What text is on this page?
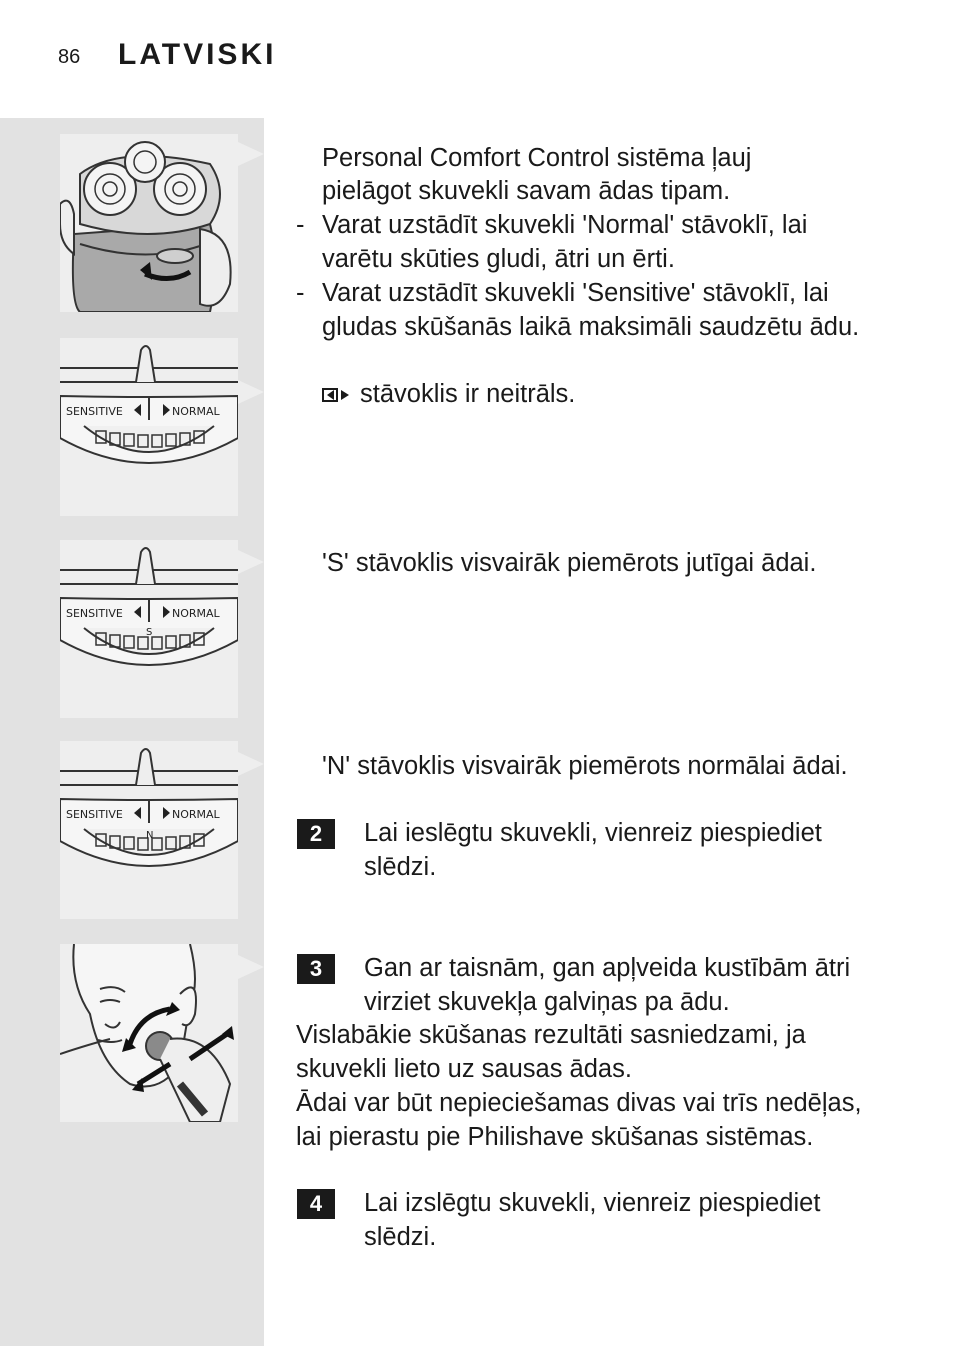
86 LATVISKI
SENSITIVE	NORMAL
SENSITIVE	NORMAL
S
SENSITIVE	NORMAL
N
Personal Comfort Control sistēma ļauj
pielāgot skuvekli savam ādas tipam.
- Varat uzstādīt skuvekli 'Normal' stāvoklī, lai
varētu skūties gludi, ātri un ērti.
- Varat uzstādīt skuvekli 'Sensitive' stāvoklī, lai
gludas skūšanās laikā maksimāli saudzētu ādu.
stāvoklis ir neitrāls.
'S' stāvoklis visvairāk piemērots jutīgai ādai.
'N' stāvoklis visvairāk piemērots normālai ādai.
2	Lai ieslēgtu skuvekli, vienreiz piespiediet
slēdzi.
3	Gan ar taisnām, gan apļveida kustībām ātri
virziet skuvekļa galviņas pa ādu.
Vislabākie skūšanas rezultāti sasniedzami, ja
skuvekli lieto uz sausas ādas.
Ādai var būt nepieciešamas divas vai trīs nedēļas,
lai pierastu pie Philishave skūšanas sistēmas.
4	Lai izslēgtu skuvekli, vienreiz piespiediet
slēdzi.
